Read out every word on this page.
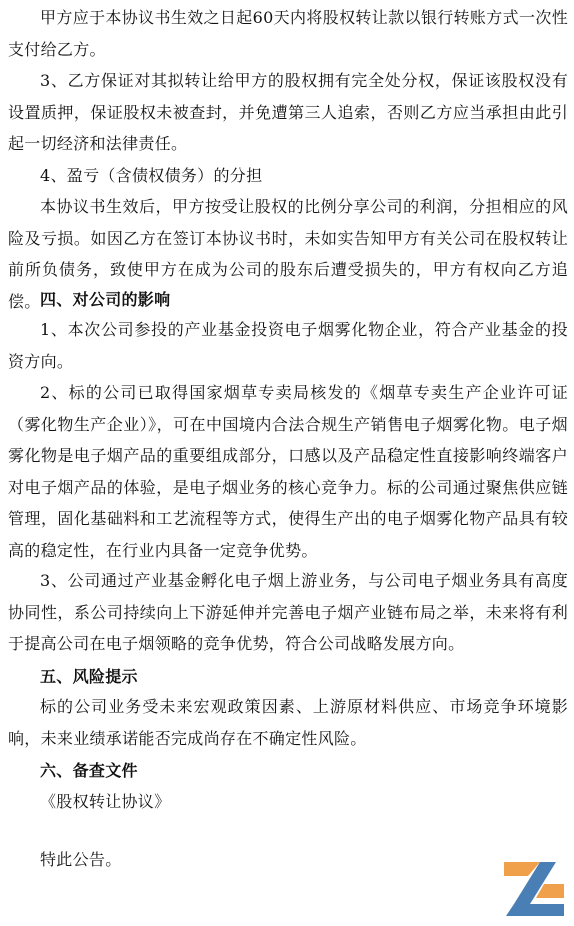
甲方应于本协议书生效之日起60天内将股权转让款以银行转账方式一次性支付给乙方。

3、乙方保证对其拟转让给甲方的股权拥有完全处分权，保证该股权没有设置质押，保证股权未被查封，并免遭第三人追索，否则乙方应当承担由此引起一切经济和法律责任。

4、盈亏（含债权债务）的分担

本协议书生效后，甲方按受让股权的比例分享公司的利润，分担相应的风险及亏损。如因乙方在签订本协议书时，未如实告知甲方有关公司在股权转让前所负债务，致使甲方在成为公司的股东后遭受损失的，甲方有权向乙方追偿。 四、对公司的影响

1、本次公司参投的产业基金投资电子烟雾化物企业，符合产业基金的投资方向。

2、标的公司已取得国家烟草专卖局核发的《烟草专卖生产企业许可证（雾化物生产企业）》，可在中国境内合法合规生产销售电子烟雾化物。电子烟雾化物是电子烟产品的重要组成部分，口感以及产品稳定性直接影响终端客户对电子烟产品的体验，是电子烟业务的核心竞争力。标的公司通过聚焦供应链管理，固化基础料和工艺流程等方式，使得生产出的电子烟雾化物产品具有较高的稳定性，在行业内具备一定竞争优势。

3、公司通过产业基金孵化电子烟上游业务，与公司电子烟业务具有高度协同性，系公司持续向上下游延伸并完善电子烟产业链布局之举，未来将有利于提高公司在电子烟领略的竞争优势，符合公司战略发展方向。

五、风险提示

标的公司业务受未来宏观政策因素、上游原材料供应、市场竞争环境影响，未来业绩承诺能否完成尚存在不确定性风险。

六、备查文件

《股权转让协议》

特此公告。
